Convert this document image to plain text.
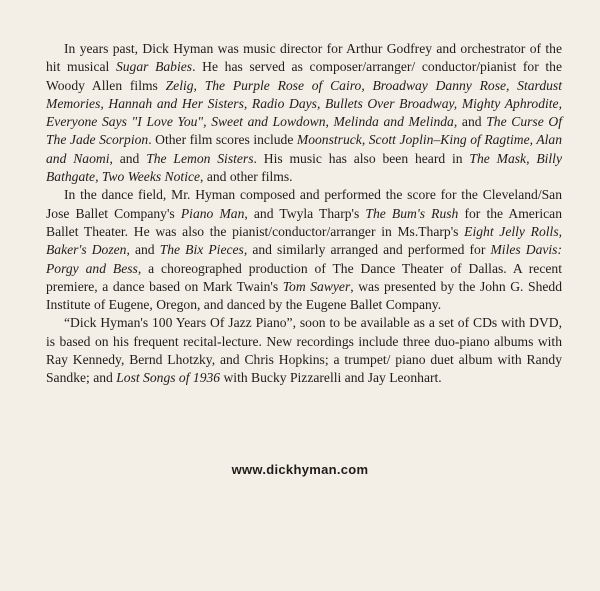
In years past, Dick Hyman was music director for Arthur Godfrey and orchestrator of the hit musical Sugar Babies. He has served as composer/arranger/ conductor/pianist for the Woody Allen films Zelig, The Purple Rose of Cairo, Broadway Danny Rose, Stardust Memories, Hannah and Her Sisters, Radio Days, Bullets Over Broadway, Mighty Aphrodite, Everyone Says "I Love You", Sweet and Lowdown, Melinda and Melinda, and The Curse Of The Jade Scorpion. Other film scores include Moonstruck, Scott Joplin–King of Ragtime, Alan and Naomi, and The Lemon Sisters. His music has also been heard in The Mask, Billy Bathgate, Two Weeks Notice, and other films.

In the dance field, Mr. Hyman composed and performed the score for the Cleveland/San Jose Ballet Company's Piano Man, and Twyla Tharp's The Bum's Rush for the American Ballet Theater. He was also the pianist/conductor/arranger in Ms.Tharp's Eight Jelly Rolls, Baker's Dozen, and The Bix Pieces, and similarly arranged and performed for Miles Davis: Porgy and Bess, a choreographed production of The Dance Theater of Dallas. A recent premiere, a dance based on Mark Twain's Tom Sawyer, was presented by the John G. Shedd Institute of Eugene, Oregon, and danced by the Eugene Ballet Company.

“Dick Hyman's 100 Years Of Jazz Piano”, soon to be available as a set of CDs with DVD, is based on his frequent recital-lecture. New recordings include three duo-piano albums with Ray Kennedy, Bernd Lhotzky, and Chris Hopkins; a trumpet/ piano duet album with Randy Sandke; and Lost Songs of 1936 with Bucky Pizzarelli and Jay Leonhart.

www.dickhyman.com
